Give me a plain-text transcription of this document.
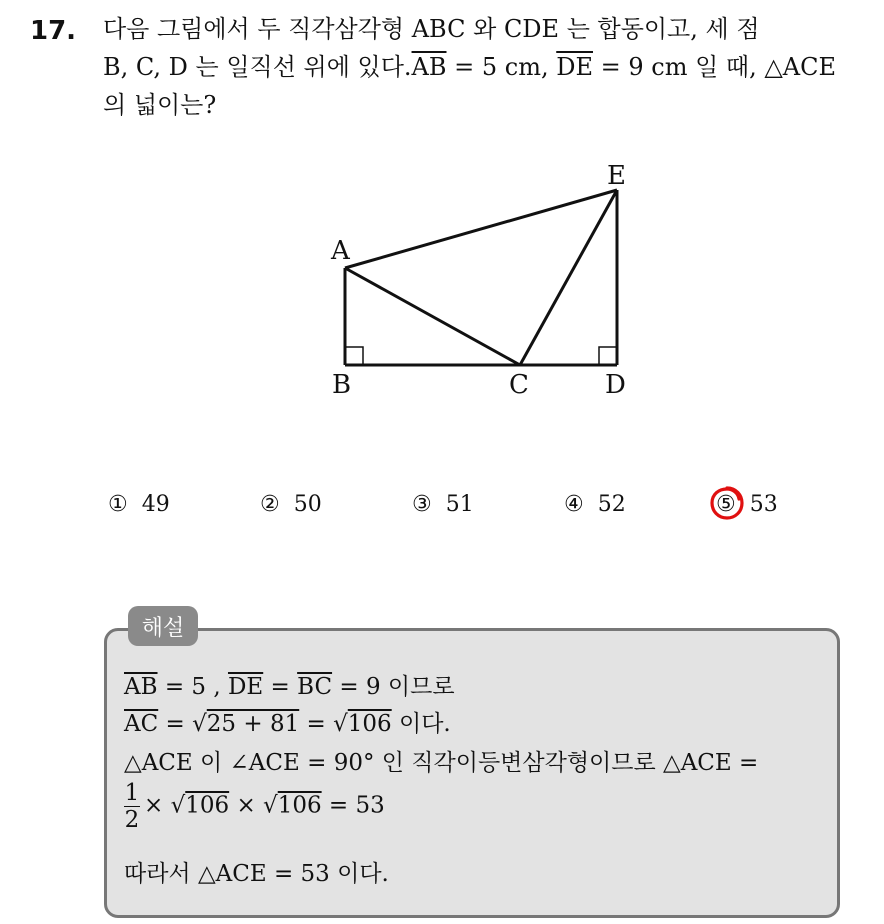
17. 다음 그림에서 두 직각삼각형 ABC 와 CDE 는 합동이고, 세 점
B, C, D 는 일직선 위에 있다$.\overline{AB} = 5$ cm, $\overline{DE} = 9$ cm 일 때, △ACE
의 넓이는?
A
B	C	D
E
① 49	② 50	③ 51	④ 52	⑤ 53
해설
$\overline{AB} = 5$ , $\overline{DE} = \overline{BC} = 9$ 이므로
$\overline{AC} = √25 + 81 = √106$ 이다.
△ACE 이 ∠ACE = 90° 인 직각이등변삼각형이므로 △ACE =
$\frac{1}{2} \times √106 \times √106 = 53$
따라서 △ACE = 53 이다.
